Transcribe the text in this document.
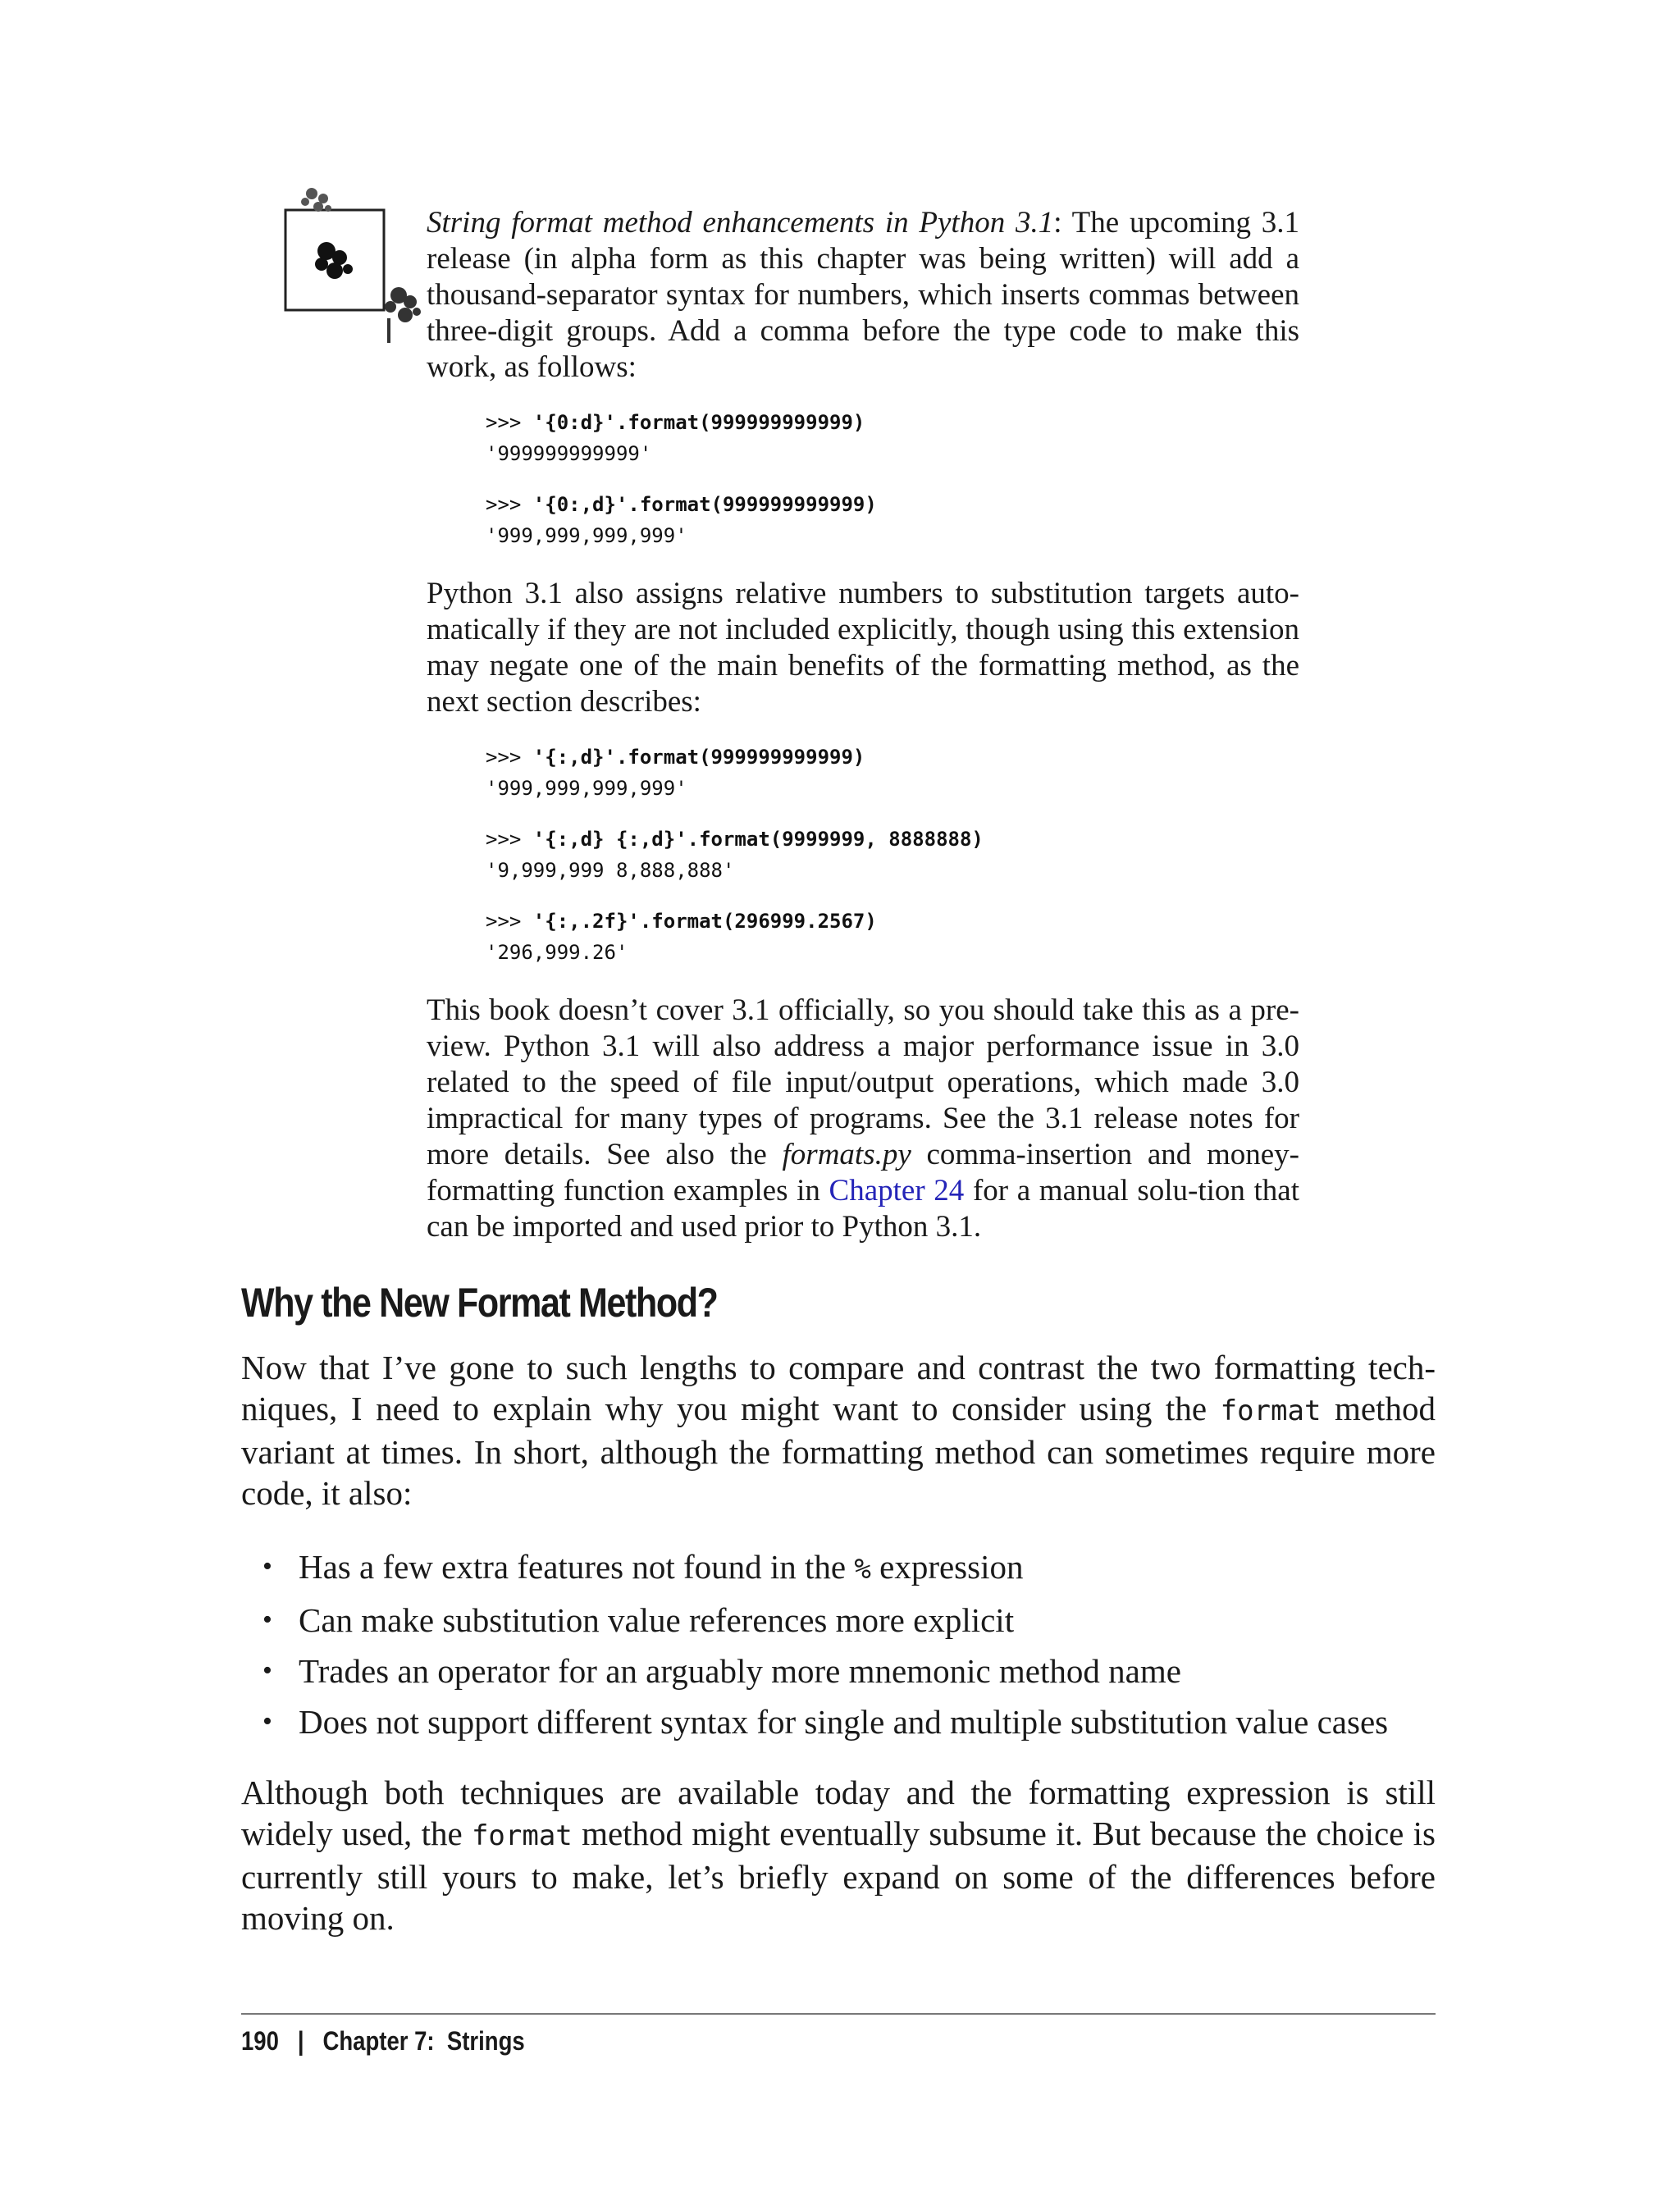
String format method enhancements in Python 3.1: The upcoming 3.1 release (in alpha form as this chapter was being written) will add a thousand-separator syntax for numbers, which inserts commas between three-digit groups. Add a comma before the type code to make this work, as follows:

>>> '{0:d}'.format(999999999999)
'999999999999'

>>> '{0:,d}'.format(999999999999)
'999,999,999,999'

Python 3.1 also assigns relative numbers to substitution targets auto-matically if they are not included explicitly, though using this extension may negate one of the main benefits of the formatting method, as the next section describes:

>>> '{:,d}'.format(999999999999)
'999,999,999,999'

>>> '{:,d} {:,d}'.format(9999999, 8888888)
'9,999,999 8,888,888'

>>> '{:,.2f}'.format(296999.2567)
'296,999.26'

This book doesn’t cover 3.1 officially, so you should take this as a pre-view. Python 3.1 will also address a major performance issue in 3.0 related to the speed of file input/output operations, which made 3.0 impractical for many types of programs. See the 3.1 release notes for more details. See also the formats.py comma-insertion and money-formatting function examples in Chapter 24 for a manual solu-tion that can be imported and used prior to Python 3.1.

Why the New Format Method?

Now that I’ve gone to such lengths to compare and contrast the two formatting tech-niques, I need to explain why you might want to consider using the format method variant at times. In short, although the formatting method can sometimes require more code, it also:

• Has a few extra features not found in the % expression
• Can make substitution value references more explicit
• Trades an operator for an arguably more mnemonic method name
• Does not support different syntax for single and multiple substitution value cases

Although both techniques are available today and the formatting expression is still widely used, the format method might eventually subsume it. But because the choice is currently still yours to make, let’s briefly expand on some of the differences before moving on.

190 | Chapter 7:  Strings
